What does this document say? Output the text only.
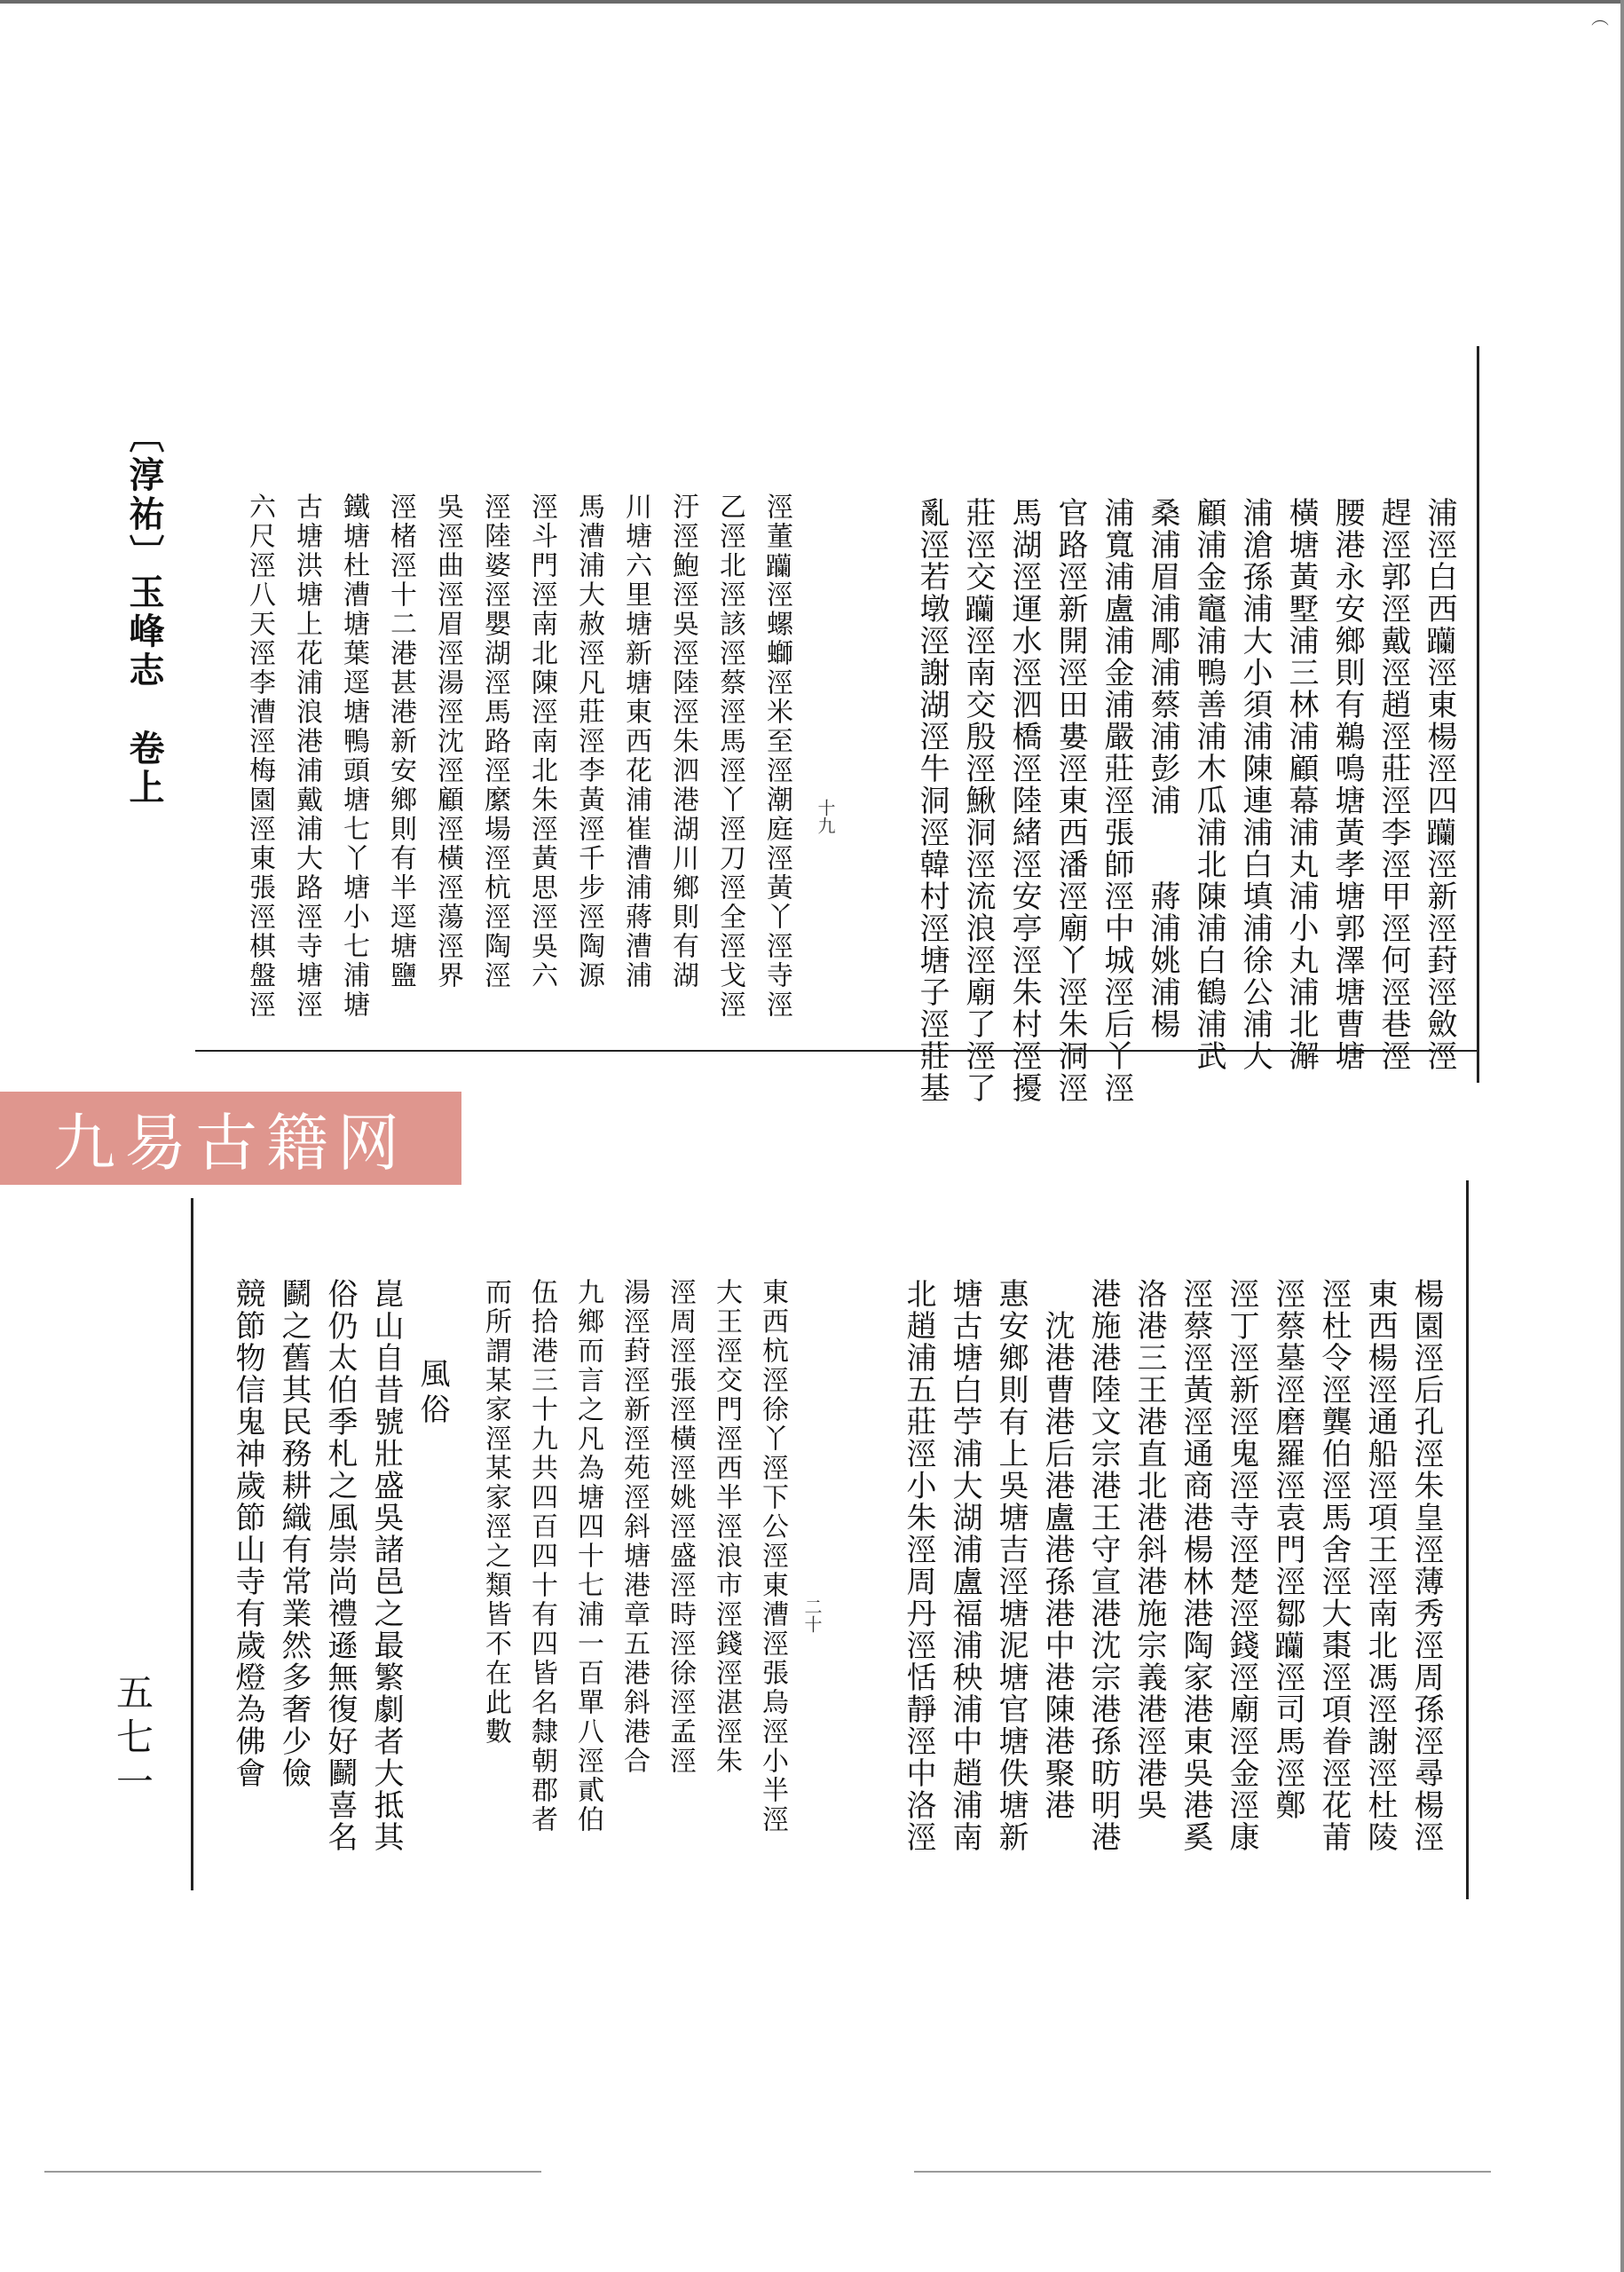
︵
〔淳祐〕玉峰志　卷上
五七一
浦涇白西𨈆涇東楊涇四𨈆涇新涇葑涇斂涇
趕涇郭涇戴涇趙涇莊涇李涇甲涇何涇巷涇
腰港永安鄉則有鵜鳴塘黃孝塘郭澤塘曹塘
橫塘黃墅浦三林浦顧幕浦丸浦小丸浦北澥
浦滄孫浦大小須浦陳連浦白填浦徐公浦大
顧浦金竈浦鴨善浦木瓜浦北陳浦白鶴浦武
桑浦眉浦郮浦蔡浦彭浦　　蔣浦姚浦楊
浦寬浦盧浦金浦嚴莊涇張師涇中城涇后丫涇
官路涇新開涇田婁涇東西潘涇廟丫涇朱洞涇
馬湖涇運水涇泗橋涇陸緒涇安亭涇朱村涇擾
莊涇交𨈆涇南交殷涇鰍洞涇流浪涇廟了涇了
亂涇若墩涇謝湖涇牛洞涇韓村涇塘子涇莊基
十九
涇董𨈆涇螺螄涇米至涇潮庭涇黃丫涇寺涇
乙涇北涇該涇蔡涇馬涇丫涇刀涇全涇戈涇
汙涇鮑涇吳涇陸涇朱泗港湖川鄉則有湖
川塘六里塘新塘東西花浦崔漕浦蔣漕浦
馬漕浦大赦涇凡莊涇李黃涇千步涇陶源
涇斗門涇南北陳涇南北朱涇黃思涇吳六
涇陸婆涇嬰湖涇馬路涇縻場涇杭涇陶涇
吳涇曲涇眉涇湯涇沈涇顧涇橫涇蕩涇界
涇楮涇十二港甚港新安鄉則有半逕塘鹽
鐵塘杜漕塘葉逕塘鴨頭塘七丫塘小七浦塘
古塘洪塘上花浦浪港浦戴浦大路涇寺塘涇
六尺涇八天涇李漕涇梅園涇東張涇棋盤涇
九易古籍网
楊園涇后孔涇朱皇涇薄秀涇周孫涇尋楊涇
東西楊涇通船涇項王涇南北馮涇謝涇杜陵
涇杜令涇龔伯涇馬舍涇大棗涇項眷涇花莆
涇蔡墓涇磨羅涇袁門涇鄒𨈆涇司馬涇鄭
涇丁涇新涇鬼涇寺涇楚涇錢涇廟涇金涇康
涇蔡涇黃涇通商港楊林港陶家港東吳港奚
洛港三王港直北港斜港施宗義港涇港吳
港施港陸文宗港王守宣港沈宗港孫昉明港
　沈港曹港后港盧港孫港中港陳港聚港
惠安鄉則有上吳塘吉涇塘泥塘官塘佚塘新
塘古塘白苧浦大湖浦盧福浦秧浦中趙浦南
北趙浦五莊涇小朱涇周丹涇恬靜涇中洛涇
二十
東西杭涇徐丫涇下公涇東漕涇張烏涇小半涇
大王涇交門涇西半涇浪市涇錢涇湛涇朱
涇周涇張涇橫涇姚涇盛涇時涇徐涇孟涇
湯涇葑涇新涇苑涇斜塘港章五港斜港合
九鄉而言之凡為塘四十七浦一百單八涇貳伯
伍拾港三十九共四百四十有四皆名隸朝郡者
而所謂某家涇某家涇之類皆不在此數
風俗
崑山自昔號壯盛吳諸邑之最繁劇者大抵其
俗仍太伯季札之風崇尚禮遜無復好鬬喜名
鬬之舊其民務耕織有常業然多奢少儉
競節物信鬼神歲節山寺有歲燈為佛會
